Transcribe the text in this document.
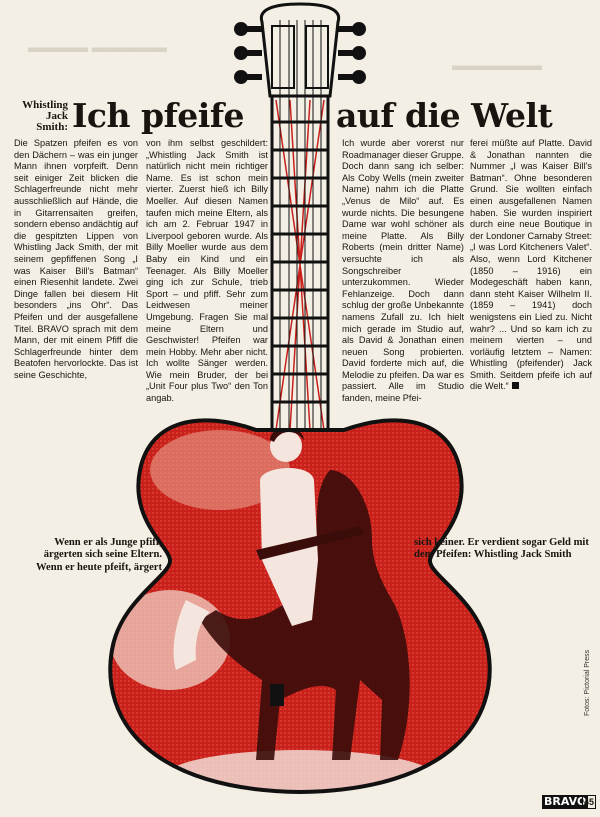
▬▬▬▬ ▬▬▬▬▬
▬▬▬▬▬▬
Whistling
Jack
Smith: Ich pfeife	auf die Welt

Die Spatzen pfeifen es von den Dächern – was ein junger Mann ihnen vorpfeift. Denn seit einiger Zeit blicken die Schlagerfreunde nicht mehr ausschließlich auf Hände, die in Gitarrensaiten greifen, sondern ebenso andächtig auf die gespitzten Lippen von Whistling Jack Smith, der mit seinem gepfiffenen Song „I was Kaiser Bill's Batman“ einen Riesenhit landete. Zwei Dinge fallen bei diesem Hit besonders „ins Ohr“. Das Pfeifen und der ausgefallene Titel. BRAVO sprach mit dem Mann, der mit einem Pfiff die Schlagerfreunde hinter dem Beatofen hervorlockte. Das ist seine Geschichte,

von ihm selbst geschildert: „Whistling Jack Smith ist natürlich nicht mein richtiger Name. Es ist schon mein vierter. Zuerst hieß ich Billy Moeller. Auf diesen Namen taufen mich meine Eltern, als ich am 2. Februar 1947 in Liverpool geboren wurde. Als Billy Moeller wurde aus dem Baby ein Kind und ein Teenager. Als Billy Moeller ging ich zur Schule, trieb Sport – und pfiff. Sehr zum Leidwesen meiner Umgebung. Fragen Sie mal meine Eltern und Geschwister! Pfeifen war mein Hobby. Mehr aber nicht. Ich wollte Sänger werden. Wie mein Bruder, der bei „Unit Four plus Two“ den Ton angab.

Ich wurde aber vorerst nur Roadmanager dieser Gruppe. Doch dann sang ich selber: Als Coby Wells (mein zweiter Name) nahm ich die Platte „Venus de Milo“ auf. Es wurde nichts. Die besungene Dame war wohl schöner als meine Platte. Als Billy Roberts (mein dritter Name) versuchte ich als Songschreiber unterzukommen. Wieder Fehlanzeige. Doch dann schlug der große Unbekannte namens Zufall zu. Ich hielt mich gerade im Studio auf, als David & Jonathan einen neuen Song probierten. David forderte mich auf, die Melodie zu pfeifen. Da war es passiert. Alle im Studio fanden, meine Pfei-

ferei müßte auf Platte. David & Jonathan nannten die Nummer „I was Kaiser Bill's Batman“. Ohne besonderen Grund. Sie wollten einfach einen ausgefallenen Namen haben. Sie wurden inspiriert durch eine neue Boutique in der Londoner Carnaby Street: „I was Lord Kitcheners Valet“. Also, wenn Lord Kitchener (1850 – 1916) ein Modegeschäft haben kann, dann steht Kaiser Wilhelm II. (1859 – 1941) doch wenigstens ein Lied zu. Nicht wahr? ... Und so kam ich zu meinem vierten – und vorläufig letztem – Namen: Whistling (pfeifender) Jack Smith. Seitdem pfeife ich auf die Welt.“

Wenn er als Junge pfiff, ärgerten sich seine Eltern. Wenn er heute pfeift, ärgert
sich keiner. Er verdient sogar Geld mit dem Pfeifen: Whistling Jack Smith
Fotos: Pictorial Press
BRAVO
45
